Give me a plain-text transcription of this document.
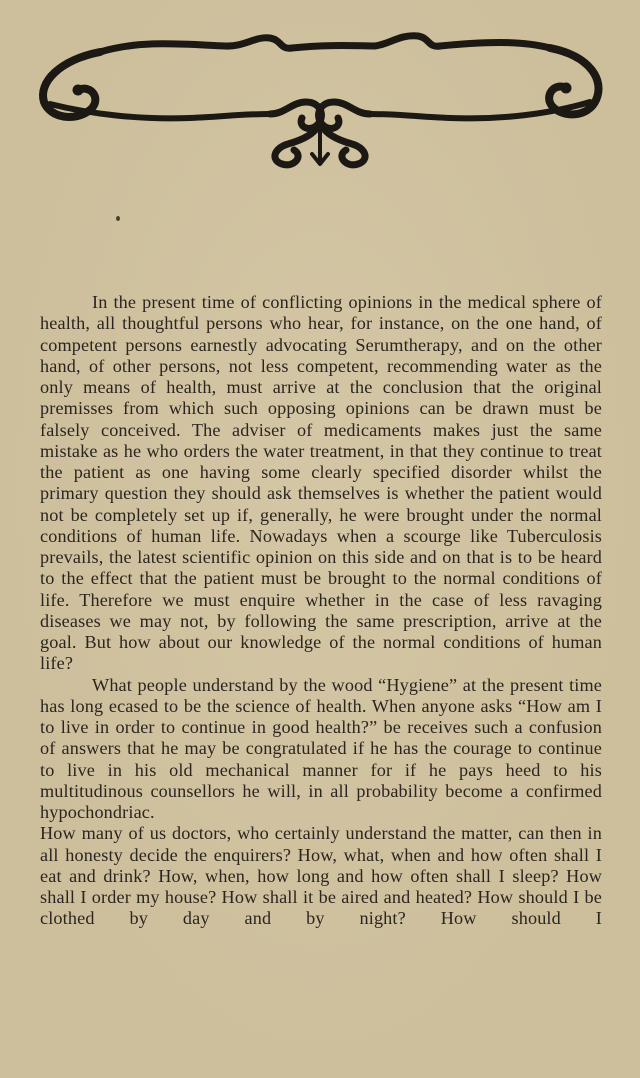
In the present time of conflicting opinions in the medical sphere of health, all thoughtful persons who hear, for instance, on the one hand, of competent persons earnestly advocating Serumtherapy, and on the other hand, of other persons, not less competent, recommending water as the only means of health, must arrive at the conclusion that the original premisses from which such opposing opinions can be drawn must be falsely conceived. The adviser of medicaments makes just the same mistake as he who orders the water treatment, in that they continue to treat the patient as one having some clearly specified disorder whilst the primary question they should ask themselves is whether the patient would not be completely set up if, generally, he were brought under the normal conditions of human life. Nowadays when a scourge like Tuberculosis prevails, the latest scientific opinion on this side and on that is to be heard to the effect that the patient must be brought to the normal conditions of life. Therefore we must enquire whether in the case of less ravaging diseases we may not, by following the same prescription, arrive at the goal. But how about our knowledge of the normal conditions of human life?

What people understand by the wood “Hygiene” at the present time has long ecased to be the science of health. When anyone asks “How am I to live in order to continue in good health?” be receives such a confusion of answers that he may be congratulated if he has the courage to continue to live in his old mechanical manner for if he pays heed to his multitudinous counsellors he will, in all probability become a confirmed hypochondriac.

How many of us doctors, who certainly understand the matter, can then in all honesty decide the enquirers? How, what, when and how often shall I eat and drink? How, when, how long and how often shall I sleep? How shall I order my house? How shall it be aired and heated? How should I be clothed by day and by night? How should I
